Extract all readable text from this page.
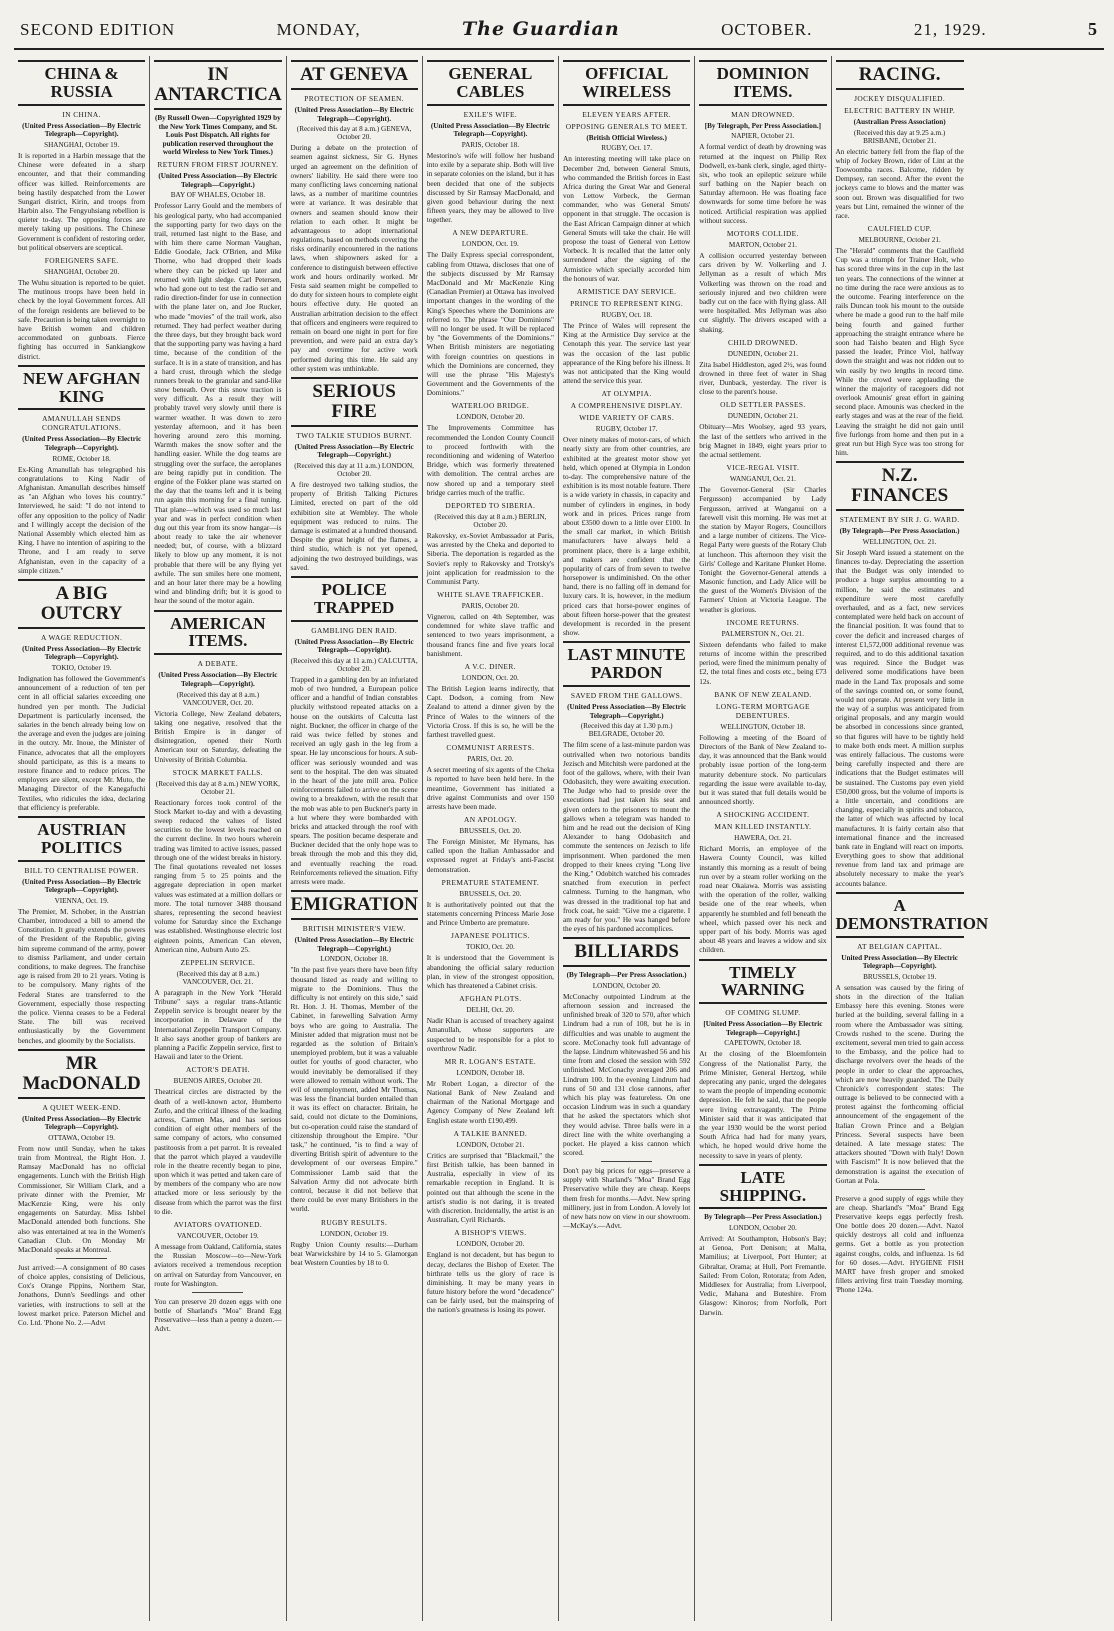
SECOND EDITION	MONDAY,	The Guardian	OCTOBER.	21, 1929.	5
CHINA & RUSSIA
IN CHINA.
(United Press Association—By Electric Telegraph—Copyright).
SHANGHAI, October 19.
It is reported in a Harbin message that the Chinese were defeated in a sharp encounter, and that their commanding officer was killed. Reinforcements are being hastily despatched from the Lower Sungari district, Kirin, and troops from Harbin also. The Fengyuhsiang rebellion is quieter to-day. The opposing forces are merely taking up positions. The Chinese Government is confident of restoring order, but political observers are sceptical.
FOREIGNERS SAFE.
SHANGHAI, October 20.
The Wuhu situation is reported to be quiet. The mutinous troops have been held in check by the loyal Government forces. All of the foreign residents are believed to be safe. Precaution is being taken overnight to have British women and children accommodated on gunboats. Fierce fighting has occurred in Sankiangkow district.
NEW AFGHAN KING
AMANULLAH SENDS CONGRATULATIONS.
(United Press Association—By Electric Telegraph—Copyright).
ROME, October 18.
Ex-King Amanullah has telegraphed his congratulations to King Nadir of Afghanistan. Amanullah describes himself as "an Afghan who loves his country." Interviewed, he said: "I do not intend to offer any opposition to the policy of Nadir and I willingly accept the decision of the National Assembly which elected him as King. I have no intention of aspiring to the Throne, and I am ready to serve Afghanistan, even in the capacity of a simple citizen."
A BIG OUTCRY
A WAGE REDUCTION.
(United Press Association—By Electric Telegraph—Copyright).
TOKIO, October 19.
Indignation has followed the Government's announcement of a reduction of ten per cent in all official salaries exceeding one hundred yen per month. The Judicial Department is particularly incensed, the salaries in the bench already being low on the average and even the judges are joining in the outcry. Mr. Inoue, the Minister of Finance, advocates that all the employers should participate, as this is a means to restore finance and to reduce prices. The employers are silent, except Mr. Muto, the Managing Director of the Kanegafuchi Textiles, who ridicules the idea, declaring that efficiency is preferable.
AUSTRIAN POLITICS
BILL TO CENTRALISE POWER.
(United Press Association—By Electric Telegraph—Copyright).
VIENNA, Oct. 19.
The Premier, M. Schober, in the Austrian Chamber, introduced a bill to amend the Constitution. It greatly extends the powers of the President of the Republic, giving him supreme command of the army, power to dismiss Parliament, and under certain conditions, to make degrees. The franchise age is raised from 20 to 21 years. Voting is to be compulsory. Many rights of the Federal States are transferred to the Government, especially those respecting the police. Vienna ceases to be a Federal State. The bill was received enthusiastically by the Government benches, and gloomily by the Socialists.
MR MacDONALD
A QUIET WEEK-END.
(United Press Association—By Electric Telegraph—Copyright).
OTTAWA, October 19.
From now until Sunday, when he takes train from Montreal, the Right Hon. J. Ramsay MacDonald has no official engagements. Lunch with the British High Commissioner, Sir William Clark, and a private dinner with the Premier, Mr MacKenzie King, were his only engagements on Saturday. Miss Ishbel MacDonald attended both functions. She also was entertained at tea in the Women's Canadian Club. On Monday Mr MacDonald speaks at Montreal.
Just arrived:—A consignment of 80 cases of choice apples, consisting of Delicious, Cox's Orange Pippins, Northern Star, Jonathons, Dunn's Seedlings and other varieties, with instructions to sell at the lowest market price. Paterson Michel and Co. Ltd. 'Phone No. 2.—Advt
IN ANTARCTICA
(By Russell Owen—Copyrighted 1929 by the New York Times Company, and St. Louis Post Dispatch. All rights for publication reserved throughout the world Wireless to New York Times.)
RETURN FROM FIRST JOURNEY.
(United Press Association—By Electric Telegraph—Copyright.)
BAY OF WHALES, October 18.
Professor Larry Gould and the members of his geological party, who had accompanied the supporting party for two days on the trail, returned last night to the Base, and with him there came Norman Vaughan, Eddie Goodale, Jack O'Brien, and Mike Thorne, who had dropped their loads where they can be picked up later and returned with light sledge. Carl Petersen, who had gone out to test the radio set and radio direction-finder for use in connection with the plane later on, and Joe Rucker, who made "movies" of the trail work, also returned. They had perfect weather during the three days, but they brought back word that the supporting party was having a hard time, because of the condition of the surface. It is in a state of transition, and has a hard crust, through which the sledge runners break to the granular and sand-like snow beneath. Over this snow traction is very difficult. As a result they will probably travel very slowly until there is warmer weather. It was down to zero yesterday afternoon, and it has been hovering around zero this morning. Warmth makes the snow softer and the handling easier. While the dog teams are struggling over the surface, the aeroplanes are being rapidly put in condition. The engine of the Fokker plane was started on the day that the teams left and it is being run again this morning for a final tuning. That plane—which was used so much last year and was in perfect condition when dug out this year from its snow hangar—is about ready to take the air whenever needed; but, of course, with a blizzard likely to blow up any moment, it is not probable that there will be any flying yet awhile. The sun smiles here one moment, and an hour later there may be a howling wind and blinding drift; but it is good to hear the sound of the motor again.
AMERICAN ITEMS.
A DEBATE.
(United Press Association—By Electric Telegraph—Copyright).
(Received this day at 8 a.m.) VANCOUVER, Oct. 20.
Victoria College, New Zealand debaters, taking one negative, resolved that the British Empire is in danger of disintegration, opened their North American tour on Saturday, defeating the University of British Columbia.
STOCK MARKET FALLS.
(Received this day at 8 a.m.) NEW YORK, October 21.
Reactionary forces took control of the Stock Market to-day and with a devasting sweep reduced the values of listed securities to the lowest levels reached on the current decline. In two hours wherein trading was limited to active issues, passed through one of the widest breaks in history. The final quotations revealed net losses ranging from 5 to 25 points and the aggregate depreciation in open market values was estimated at a million dollars or more. The total turnover 3488 thousand shares, representing the second heaviest volume for Saturday since the Exchange was established. Westinghouse electric lost eighteen points, American Can eleven, American nine, Auburn Auto 25.
ZEPPELIN SERVICE.
(Received this day at 8 a.m.) VANCOUVER, Oct. 21.
A paragraph in the New York "Herald Tribune" says a regular trans-Atlantic Zeppelin service is brought nearer by the incorporation in Delaware of the International Zeppelin Transport Company. It also says another group of bankers are planning a Pacific Zeppelin service, first to Hawaii and later to the Orient.
ACTOR'S DEATH.
BUENOS AIRES, October 20.
Theatrical circles are distracted by the death of a well-known actor, Humberto Zurlo, and the critical illness of the leading actress, Carmen Mas, and has serious condition of eight other members of the same company of actors, who consumed pastitoosis from a pet parrot. It is revealed that the parrot which played a vaudeville role in the theatre recently began to pine, upon which it was petted and taken care of by members of the company who are now attacked more or less seriously by the disease from which the parrot was the first to die.
AVIATORS OVATIONED.
VANCOUVER, October 19.
A message from Oakland, California, states the Russian Moscow—to—New-York aviators received a tremendous reception on arrival on Saturday from Vancouver, en route for Washington.
You can preserve 20 dozen eggs with one bottle of Sharland's "Moa" Brand Egg Preservative—less than a penny a dozen.—Advt.
AT GENEVA
PROTECTION OF SEAMEN.
(United Press Association—By Electric Telegraph—Copyright).
(Received this day at 8 a.m.) GENEVA, October 20.
During a debate on the protection of seamen against sickness, Sir G. Hynes urged an agreement on the definition of owners' liability. He said there were too many conflicting laws concerning national laws, as a number of maritime countries were at variance. It was desirable that owners and seamen should know their relation to each other. It might be advantageous to adopt international regulations, based on methods covering the risks ordinarily encountered in the nations laws, when shipowners asked for a conference to distinguish between effective work and hours ordinarily worked. Mr Festa said seamen might be compelled to do duty for sixteen hours to complete eight hours effective duty. He quoted an Australian arbitration decision to the effect that officers and engineers were required to remain on board one night in port for fire prevention, and were paid an extra day's pay and overtime for active work performed during this time. He said any other system was unthinkable.
SERIOUS FIRE
TWO TALKIE STUDIOS BURNT.
(United Press Association—By Electric Telegraph—Copyright.)
(Received this day at 11 a.m.) LONDON, October 20.
A fire destroyed two talking studios, the property of British Talking Pictures Limited, erected on part of the old exhibition site at Wembley. The whole equipment was reduced to ruins. The damage is estimated at a hundred thousand. Despite the great height of the flames, a third studio, which is not yet opened, adjoining the two destroyed buildings, was saved.
POLICE TRAPPED
GAMBLING DEN RAID.
(United Press Association—By Electric Telegraph—Copyright).
(Received this day at 11 a.m.) CALCUTTA, October 20.
Trapped in a gambling den by an infuriated mob of two hundred, a European police officer and a handful of Indian constables pluckily withstood repeated attacks on a house on the outskirts of Calcutta last night. Buckner, the officer in charge of the raid was twice felled by stones and received an ugly gash in the leg from a spear. He lay unconscious for hours. A sub-officer was seriously wounded and was sent to the hospital. The den was situated in the heart of the jute mill area. Police reinforcements failed to arrive on the scene owing to a breakdown, with the result that the mob was able to pen Buckner's party in a hut where they were bombarded with bricks and attacked through the roof with spears. The position became desperate and Buckner decided that the only hope was to break through the mob and this they did, and eventually reaching the road. Reinforcements relieved the situation. Fifty arrests were made.
EMIGRATION
BRITISH MINISTER'S VIEW.
(United Press Association—By Electric Telegraph—Copyright.)
LONDON, October 18.
"In the past five years there have been fifty thousand listed as ready and willing to migrate to the Dominions. Thus the difficulty is not entirely on this side," said Rt. Hon. J. H. Thomas, Member of the Cabinet, in farewelling Salvation Army boys who are going to Australia. The Minister added that migration must not be regarded as the solution of Britain's unemployed problem, but it was a valuable outlet for youths of good character, who would inevitably be demoralised if they were allowed to remain without work. The evil of unemployment, added Mr Thomas, was less the financial burden entailed than it was its effect on character. Britain, he said, could not dictate to the Dominions, but co-operation could raise the standard of citizenship throughout the Empire. "Our task," he continued, "is to find a way of diverting British spirit of adventure to the development of our overseas Empire." Commissioner Lamb said that the Salvation Army did not advocate birth control, because it did not believe that there could be ever many Britishers in the world.
RUGBY RESULTS.
LONDON, October 19.
Rugby Union County results:—Durham beat Warwickshire by 14 to 5. Glamorgan beat Western Counties by 18 to 0.
GENERAL CABLES
EXILE'S WIFE.
(United Press Association—By Electric Telegraph—Copyright).
PARIS, October 18.
Mestorino's wife will follow her husband into exile by a separate ship. Both will live in separate colonies on the island, but it has been decided that one of the subjects discussed by Sir Ramsay MacDonald, and given good behaviour during the next fifteen years, they may be allowed to live together.
A NEW DEPARTURE.
LONDON, Oct. 19.
The Daily Express special correspondent, cabling from Ottawa, discloses that one of the subjects discussed by Mr Ramsay MacDonald and Mr MacKenzie King (Canadian Premier) at Ottawa has involved important changes in the wording of the King's Speeches where the Dominions are referred to. The phrase "Our Dominions" will no longer be used. It will be replaced by "the Governments of the Dominions." When British ministers are negotiating with foreign countries on questions in which the Dominions are concerned, they will use the phrase "His Majesty's Government and the Governments of the Dominions."
WATERLOO BRIDGE.
LONDON, October 20.
The Improvements Committee has recommended the London County Council to proceed forthwith with the reconditioning and widening of Waterloo Bridge, which was formerly threatened with demolition. The central arches are now shored up and a temporary steel bridge carries much of the traffic.
DEPORTED TO SIBERIA.
(Received this day at 8 a.m.) BERLIN, October 20.
Rakovsky, ex-Soviet Ambassador at Paris, was arrested by the Cheka and deported to Siberia. The deportation is regarded as the Soviet's reply to Rakovsky and Trotsky's joint application for readmission to the Communist Party.
WHITE SLAVE TRAFFICKER.
PARIS, October 20.
Vignerou, called on 4th September, was condemned for white slave traffic and sentenced to two years imprisonment, a thousand francs fine and five years local banishment.
A V.C. DINER.
LONDON, Oct. 20.
The British Legion learns indirectly, that Capt. Dodson, a coming from New Zealand to attend a dinner given by the Prince of Wales to the winners of the Victoria Cross. If this is so, he will be the farthest travelled guest.
COMMUNIST ARRESTS.
PARIS, Oct. 20.
A secret meeting of six agents of the Cheka is reported to have been held here. In the meantime, Government has initiated a drive against Communists and over 150 arrests have been made.
AN APOLOGY.
BRUSSELS, Oct. 20.
The Foreign Minister, Mr Hymans, has called upon the Italian Ambassador and expressed regret at Friday's anti-Fascist demonstration.
PREMATURE STATEMENT.
BRUSSELS, Oct. 20.
It is authoritatively pointed out that the statements concerning Princess Marie Jose and Prince Umberto are premature.
JAPANESE POLITICS.
TOKIO, Oct. 20.
It is understood that the Government is abandoning the official salary reduction plan, in view of the strongest opposition, which has threatened a Cabinet crisis.
AFGHAN PLOTS.
DELHI, Oct. 20.
Nadir Khan is accused of treachery against Amanullah, whose supporters are suspected to be responsible for a plot to overthrow Nadir.
MR R. LOGAN'S ESTATE.
LONDON, October 18.
Mr Robert Logan, a director of the National Bank of New Zealand and chairman of the National Mortgage and Agency Company of New Zealand left English estate worth £190,499.
A TALKIE BANNED.
LONDON, October 21.
Critics are surprised that "Blackmail," the first British talkie, has been banned in Australia, especially in view of its remarkable reception in England. It is pointed out that although the scene in the artist's studio is not daring, it is treated with discretion. Incidentally, the artist is an Australian, Cyril Richards.
A BISHOP'S VIEWS.
LONDON, October 20.
England is not decadent, but has begun to decay, declares the Bishop of Exeter. The birthrate tells us the glory of race is diminishing. It may be many years in future history before the word "decadence" can be fairly used, but the mainspring of the nation's greatness is losing its power.
OFFICIAL WIRELESS
ELEVEN YEARS AFTER.
OPPOSING GENERALS TO MEET.
(British Official Wireless.)
RUGBY, Oct. 17.
An interesting meeting will take place on December 2nd, between General Smuts, who commanded the British forces in East Africa during the Great War and General von Lettow Vorbeck, the German commander, who was General Smuts' opponent in that struggle. The occasion is the East African Campaign dinner at which General Smuts will take the chair. He will propose the toast of General von Lettow Vorbeck. It is recalled that the latter only surrendered after the signing of the Armistice which specially accorded him the honours of war.
ARMISTICE DAY SERVICE.
PRINCE TO REPRESENT KING.
RUGBY, Oct. 18.
The Prince of Wales will represent the King at the Armistice Day service at the Cenotaph this year. The service last year was the occasion of the last public appearance of the King before his illness. It was not anticipated that the King would attend the service this year.
AT OLYMPIA.
A COMPREHENSIVE DISPLAY.
WIDE VARIETY OF CARS.
RUGBY, October 17.
Over ninety makes of motor-cars, of which nearly sixty are from other countries, are exhibited at the greatest motor show yet held, which opened at Olympia in London to-day. The comprehensive nature of the exhibition is its most notable feature. There is a wide variety in chassis, in capacity and number of cylinders in engines, in body work and in prices. Prices range from about £3500 down to a little over £100. In the small car market, in which British manufacturers have always held a prominent place, there is a large exhibit, and makers are confident that the popularity of cars of from seven to twelve horsepower is undiminished. On the other hand, there is no falling off in demand for luxury cars. It is, however, in the medium priced cars that horse-power engines of about fifteen horse-power that the greatest development is recorded in the present show.
LAST MINUTE PARDON
SAVED FROM THE GALLOWS.
(United Press Association—By Electric Telegraph—Copyright.)
(Received this day at 1.30 p.m.) BELGRADE, October 20.
The film scene of a last-minute pardon was outrivalled when two notorious bandits Jezisch and Mitchitsh were pardoned at the foot of the gallows, where, with their Ivan Odobasitch, they were awaiting execution. The Judge who had to preside over the executions had just taken his seat and given orders to the prisoners to mount the gallows when a telegram was handed to him and he read out the decision of King Alexander to hang Odobasitch and commute the sentences on Jezisch to life imprisonment. When pardoned the men dropped to their knees crying "Long live the King." Odobitch watched his comrades snatched from execution in perfect calmness. Turning to the hangman, who was dressed in the traditional top hat and frock coat, he said: "Give me a cigarette. I am ready for you." He was hanged before the eyes of his pardoned accomplices.
BILLIARDS
(By Telegraph—Per Press Association.)
LONDON, October 20.
McConachy outpointed Lindrum at the afternoon session and increased the unfinished break of 320 to 570, after which Lindrum had a run of 108, but he is in difficulties and was unable to augment the score. McConachy took full advantage of the lapse. Lindrum whitewashed 56 and his time from and closed the session with 592 unfinished. McConachy averaged 206 and Lindrum 100. In the evening Lindrum had runs of 50 and 131 close cannons, after which his play was featureless. On one occasion Lindrum was in such a quandary that he asked the spectators which shot they would advise. Three balls were in a direct line with the white overhanging a pocket. He played a kiss cannon which scored.
Don't pay big prices for eggs—preserve a supply with Sharland's "Moa" Brand Egg Preservative while they are cheap. Keeps them fresh for months.—Advt. New spring millinery, just in from London. A lovely lot of new hats now on view in our showroom.—McKay's.—Advt.
DOMINION ITEMS.
MAN DROWNED.
[By Telegraph, Per Press Association.]
NAPIER, October 21.
A formal verdict of death by drowning was returned at the inquest on Philip Rex Dodwell, ex-bank clerk, single, aged thirty-six, who took an epileptic seizure while surf bathing on the Napier beach on Saturday afternoon. He was floating face downwards for some time before he was noticed. Artificial respiration was applied without success.
MOTORS COLLIDE.
MARTON, October 21.
A collision occurred yesterday between cars driven by W. Volkerling and J. Jellyman as a result of which Mrs Volkerling was thrown on the road and seriously injured and two children were badly cut on the face with flying glass. All were hospitalled. Mrs Jellyman was also cut slightly. The drivers escaped with a shaking.
CHILD DROWNED.
DUNEDIN, October 21.
Zita Isabel Hiddleston, aged 2½, was found drowned in three feet of water in Shag river, Dunback, yesterday. The river is close to the parent's house.
OLD SETTLER PASSES.
DUNEDIN, October 21.
Obituary—Mrs Woolsey, aged 93 years, the last of the settlers who arrived in the brig Magnet in 1849, eight years prior to the actual settlement.
VICE-REGAL VISIT.
WANGANUI, Oct. 21.
The Governor-General (Sir Charles Fergusson) accompanied by Lady Fergusson, arrived at Wanganui on a farewell visit this morning. He was met at the station by Mayor Rogers, Councillors and a large number of citizens. The Vice-Regal Party were guests of the Rotary Club at luncheon. This afternoon they visit the Girls' College and Karitane Plunket Home. Tonight the Governor-General attends a Masonic function, and Lady Alice will be the guest of the Women's Division of the Farmers' Union at Victoria League. The weather is glorious.
INCOME RETURNS.
PALMERSTON N., Oct. 21.
Sixteen defendants who failed to make returns of income within the prescribed period, were fined the minimum penalty of £2, the total fines and costs etc., being £73 12s.
BANK OF NEW ZEALAND.
LONG-TERM MORTGAGE DEBENTURES.
WELLINGTON, October 18.
Following a meeting of the Board of Directors of the Bank of New Zealand to-day, it was announced that the Bank would probably issue portion of the long-term maturity debenture stock. No particulars regarding the issue were available to-day, but it was stated that full details would be announced shortly.
A SHOCKING ACCIDENT.
MAN KILLED INSTANTLY.
HAWERA, Oct. 21.
Richard Morris, an employee of the Hawera County Council, was killed instantly this morning as a result of being run over by a steam roller working on the road near Okaiawa. Morris was assisting with the operation of the roller, walking beside one of the rear wheels, when apparently he stumbled and fell beneath the wheel, which passed over his neck and upper part of his body. Morris was aged about 48 years and leaves a widow and six children.
TIMELY WARNING
OF COMING SLUMP.
[United Press Association—By Electric Telegraph—Copyright.]
CAPETOWN, October 18.
At the closing of the Bloemfontein Congress of the Nationalist Party, the Prime Minister, General Hertzog, while deprecating any panic, urged the delegates to warn the people of impending economic depression. He felt he said, that the people were living extravagantly. The Prime Minister said that it was anticipated that the year 1930 would be the worst period South Africa had had for many years, which, he hoped would drive home the necessity to save in years of plenty.
LATE SHIPPING.
By Telegraph—Per Press Association.)
LONDON, October 20.
Arrived: At Southampton, Hobson's Bay; at Genoa, Port Denison; at Malta, Mamilius; at Liverpool, Port Hunter; at Gibraltar, Orama; at Hull, Port Fremantle. Sailed: From Colon, Rotorata; from Aden, Middlesex for Australia; from Liverpool, Vedic, Mahana and Buteshire. From Glasgow: Kinoros; from Norfolk, Port Darwin.
RACING.
JOCKEY DISQUALIFIED.
ELECTRIC BATTERY IN WHIP.
(Australian Press Association)
(Received this day at 9.25 a.m.) BRISBANE, October 21.
An electric battery fell from the flap of the whip of Jockey Brown, rider of Lint at the Toowoomba races. Balcome, ridden by Dempsey, ran second. After the event the jockeys came to blows and the matter was soon out. Brown was disqualified for two years but Lint, remained the winner of the race.
CAULFIELD CUP.
MELBOURNE, October 21.
The "Herald" comments that the Caulfield Cup was a triumph for Trainer Holt, who has scored three wins in the cup in the last ten years. The connections of the winner at no time during the race were anxious as to the outcome. Fearing interference on the rails Duncan took his mount to the outside where he made a good run to the half mile being fourth and gained further approaching the straight entrance where he soon had Taisho beaten and High Syce passed the leader, Prince Viol, halfway down the straight and was not ridden out to win easily by two lengths in record time. While the crowd were applauding the winner the majority of racegoers did not overlook Amounis' great effort in gaining second place. Amounis was checked in the early stages and was at the rear of the field. Leaving the straight he did not gain until five furlongs from home and then put in a great run but High Syce was too strong for him.
N.Z. FINANCES
STATEMENT BY SIR J. G. WARD.
(By Telegraph—Per Press Association.)
WELLINGTON, Oct. 21.
Sir Joseph Ward issued a statement on the finances to-day. Depreciating the assertion that the Budget was only intended to produce a huge surplus amounting to a million, he said the estimates and expenditure were most carefully overhauled, and as a fact, new services contemplated were held back on account of the financial position. It was found that to cover the deficit and increased charges of interest £1,572,000 additional revenue was required, and to do this additional taxation was required. Since the Budget was delivered some modifications have been made in the Land Tax proposals and some of the savings counted on, or some found, would not operate. At present very little in the way of a surplus was anticipated from original proposals, and any margin would be absorbed in concessions since granted, so that figures will have to be tightly held to make both ends meet. A million surplus was entirely fallacious. The customs were being carefully inspected and there are indications that the Budget estimates will be sustained. The Customs pay even yield £50,000 gross, but the volume of imports is a little uncertain, and conditions are changing, especially in spirits and tobacco, the latter of which was affected by local manufactures. It is fairly certain also that international finance and the increased bank rate in England will react on imports. Everything goes to show that additional revenue from land tax and primage are absolutely necessary to make the year's accounts balance.
A DEMONSTRATION
AT BELGIAN CAPITAL.
United Press Association—By Electric Telegraph—Copyright).
BRUSSELS, October 19.
A sensation was caused by the firing of shots in the direction of the Italian Embassy here this evening. Stones were hurled at the building, several falling in a room where the Ambassador was sitting. Crowds rushed to the scene. During the excitement, several men tried to gain access to the Embassy, and the police had to discharge revolvers over the heads of the people in order to clear the approaches, which are now heavily guarded. The Daily Chronicle's correspondent states: The outrage is believed to be connected with a protest against the forthcoming official announcement of the engagement of the Italian Crown Prince and a Belgian Princess. Several suspects have been detained. A late message states: The attackers shouted "Down with Italy! Down with Fascism!" It is now believed that the demonstration is against the execution of Gortan at Pola.
Preserve a good supply of eggs while they are cheap. Sharland's "Moa" Brand Egg Preservative keeps eggs perfectly fresh. One bottle does 20 dozen.—Advt. Nazol quickly destroys all cold and influenza germs. Get a bottle as you protection against coughs, colds, and influenza. 1s 6d for 60 doses.—Advt. HYGIENE FISH MART have fresh groper and smoked fillets arriving first train Tuesday morning. 'Phone 124a.
